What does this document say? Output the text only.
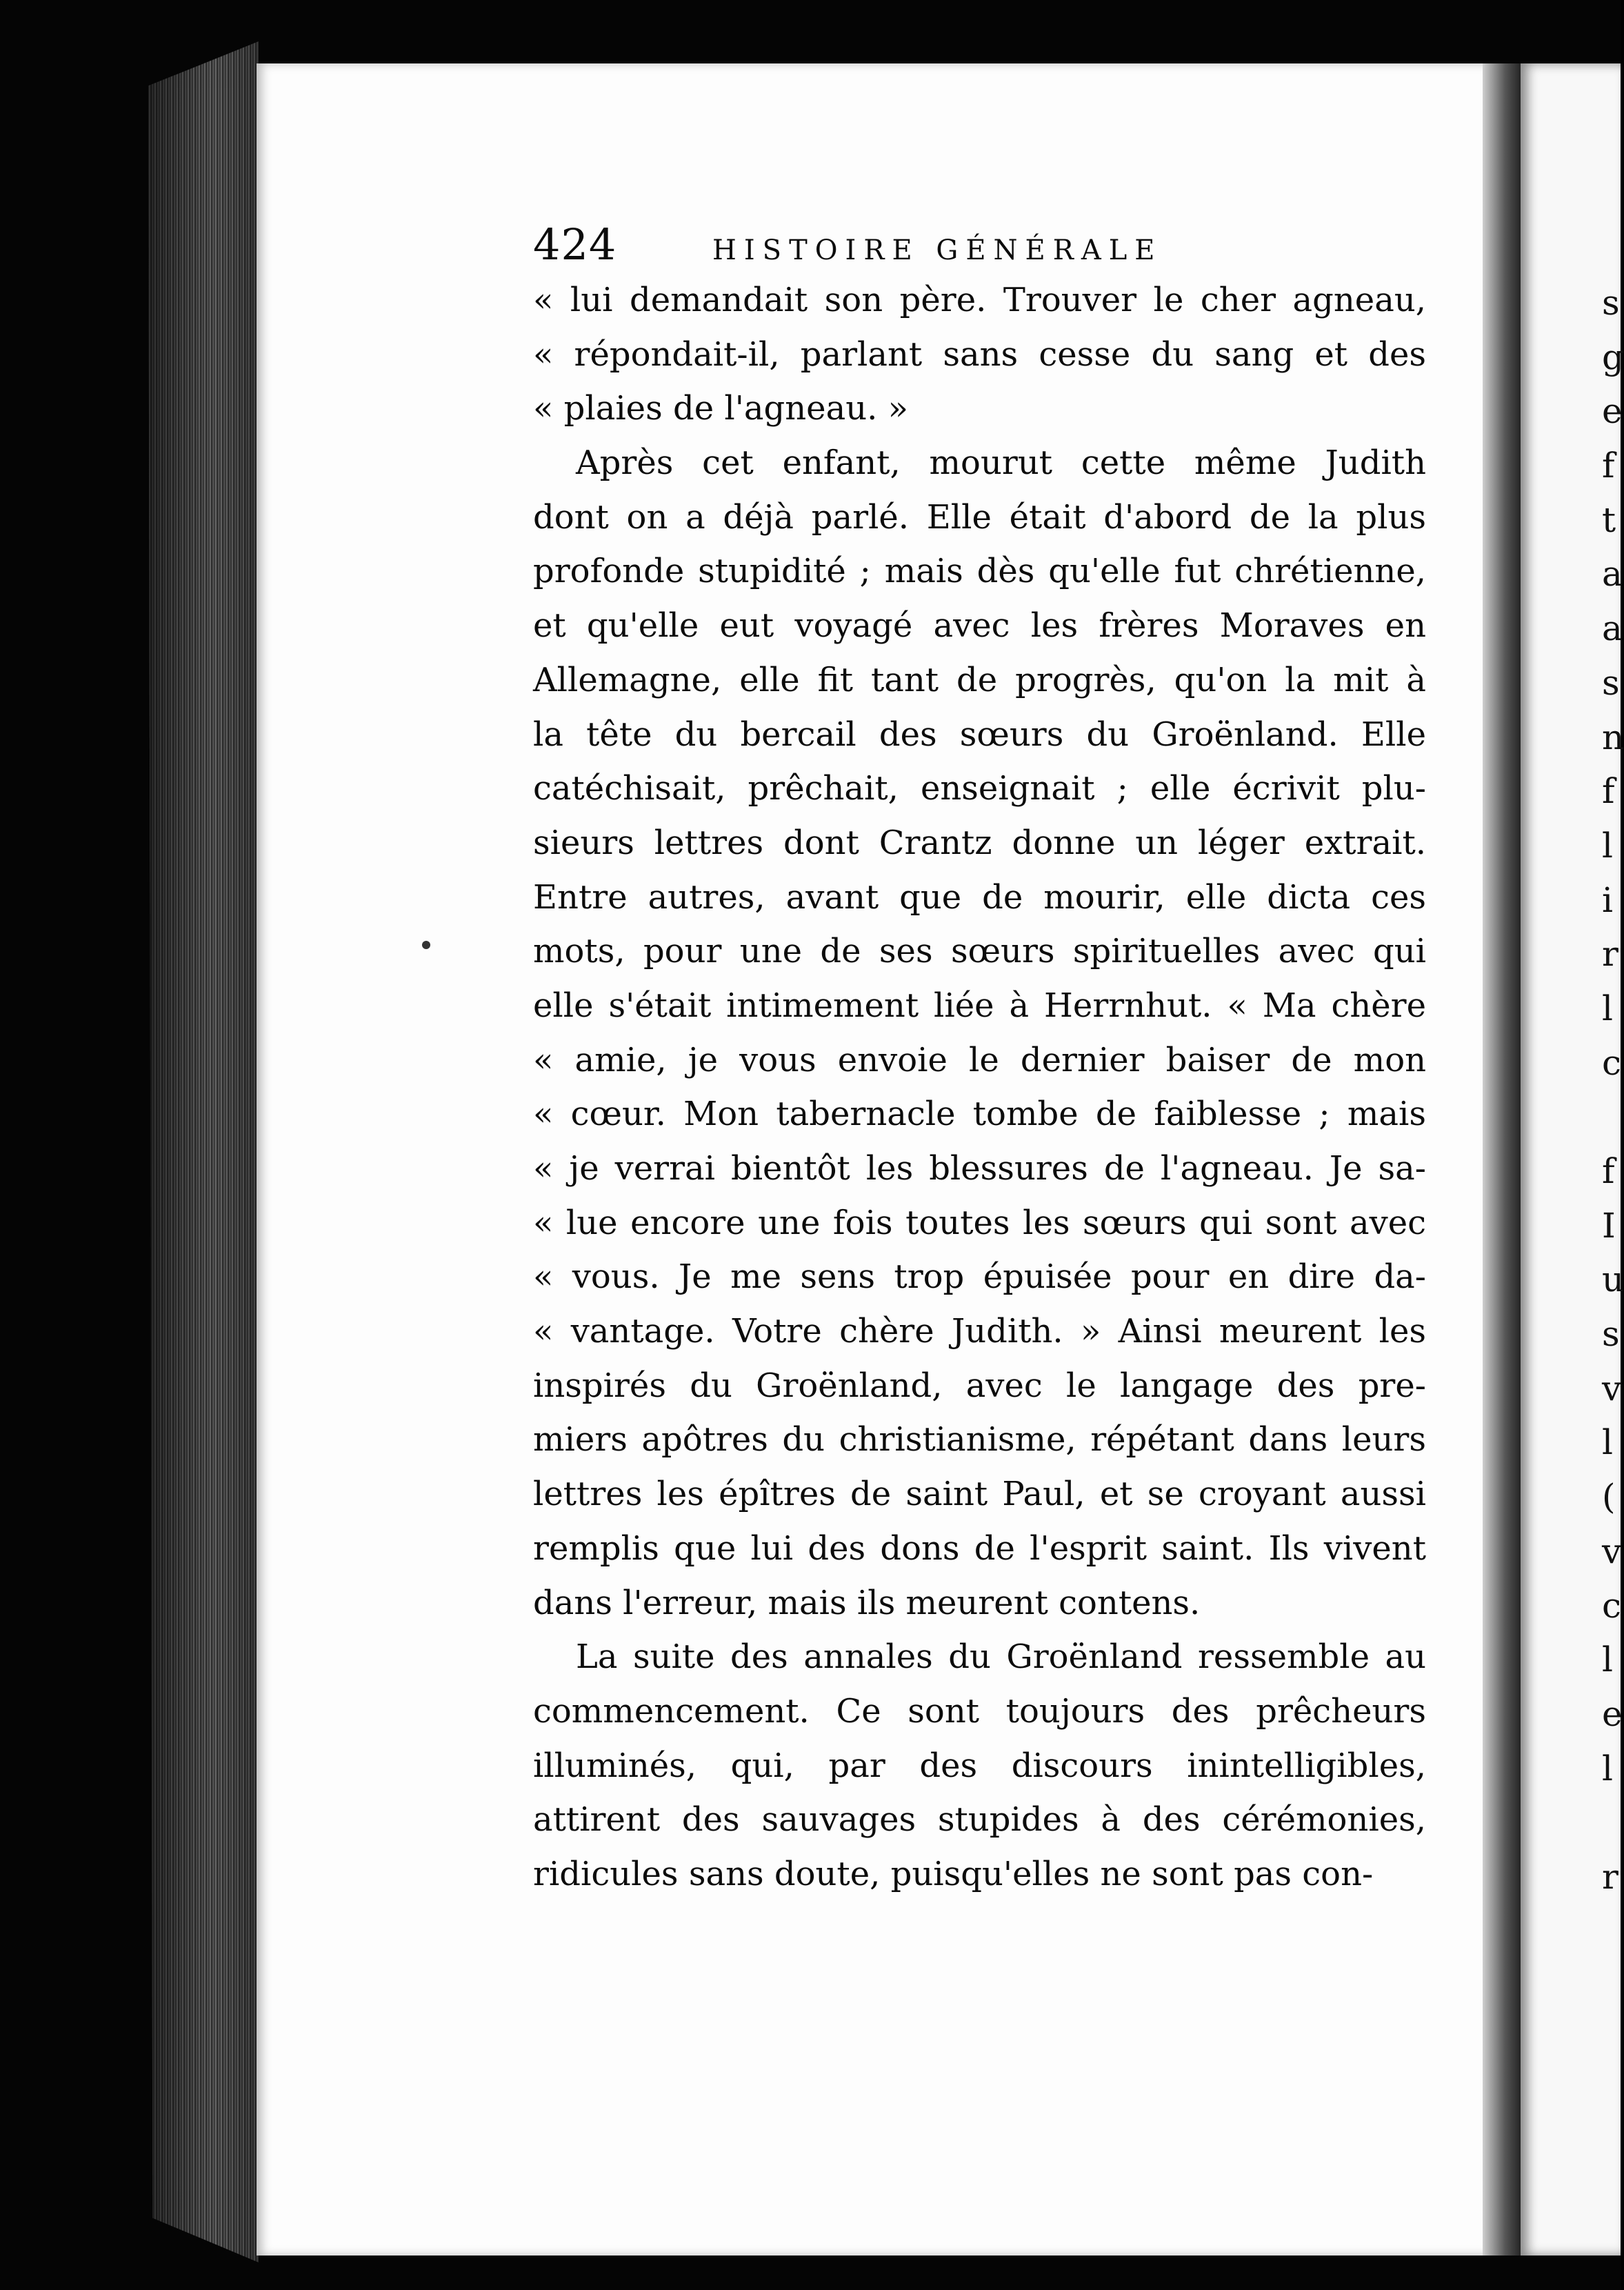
s
g
e
f
t
a
a
s
n
f
l
i
r
l
c
f
I
u
s
v
l
(
v
c
l
e
l
r
424	HISTOIRE GÉNÉRALE
« lui demandait son père. Trouver le cher agneau,
« répondait-il, parlant sans cesse du sang et des
« plaies de l'agneau. »
Après cet enfant, mourut cette même Judith
dont on a déjà parlé. Elle était d'abord de la plus
profonde stupidité ; mais dès qu'elle fut chrétienne,
et qu'elle eut voyagé avec les frères Moraves en
Allemagne, elle fit tant de progrès, qu'on la mit à
la tête du bercail des sœurs du Groënland. Elle
catéchisait, prêchait, enseignait ; elle écrivit plu-
sieurs lettres dont Crantz donne un léger extrait.
Entre autres, avant que de mourir, elle dicta ces
mots, pour une de ses sœurs spirituelles avec qui
elle s'était intimement liée à Herrnhut. « Ma chère
« amie, je vous envoie le dernier baiser de mon
« cœur. Mon tabernacle tombe de faiblesse ; mais
« je verrai bientôt les blessures de l'agneau. Je sa-
« lue encore une fois toutes les sœurs qui sont avec
« vous. Je me sens trop épuisée pour en dire da-
« vantage. Votre chère Judith. » Ainsi meurent les
inspirés du Groënland, avec le langage des pre-
miers apôtres du christianisme, répétant dans leurs
lettres les épîtres de saint Paul, et se croyant aussi
remplis que lui des dons de l'esprit saint. Ils vivent
dans l'erreur, mais ils meurent contens.
La suite des annales du Groënland ressemble au
commencement. Ce sont toujours des prêcheurs
illuminés, qui, par des discours inintelligibles,
attirent des sauvages stupides à des cérémonies,
ridicules sans doute, puisqu'elles ne sont pas con-
